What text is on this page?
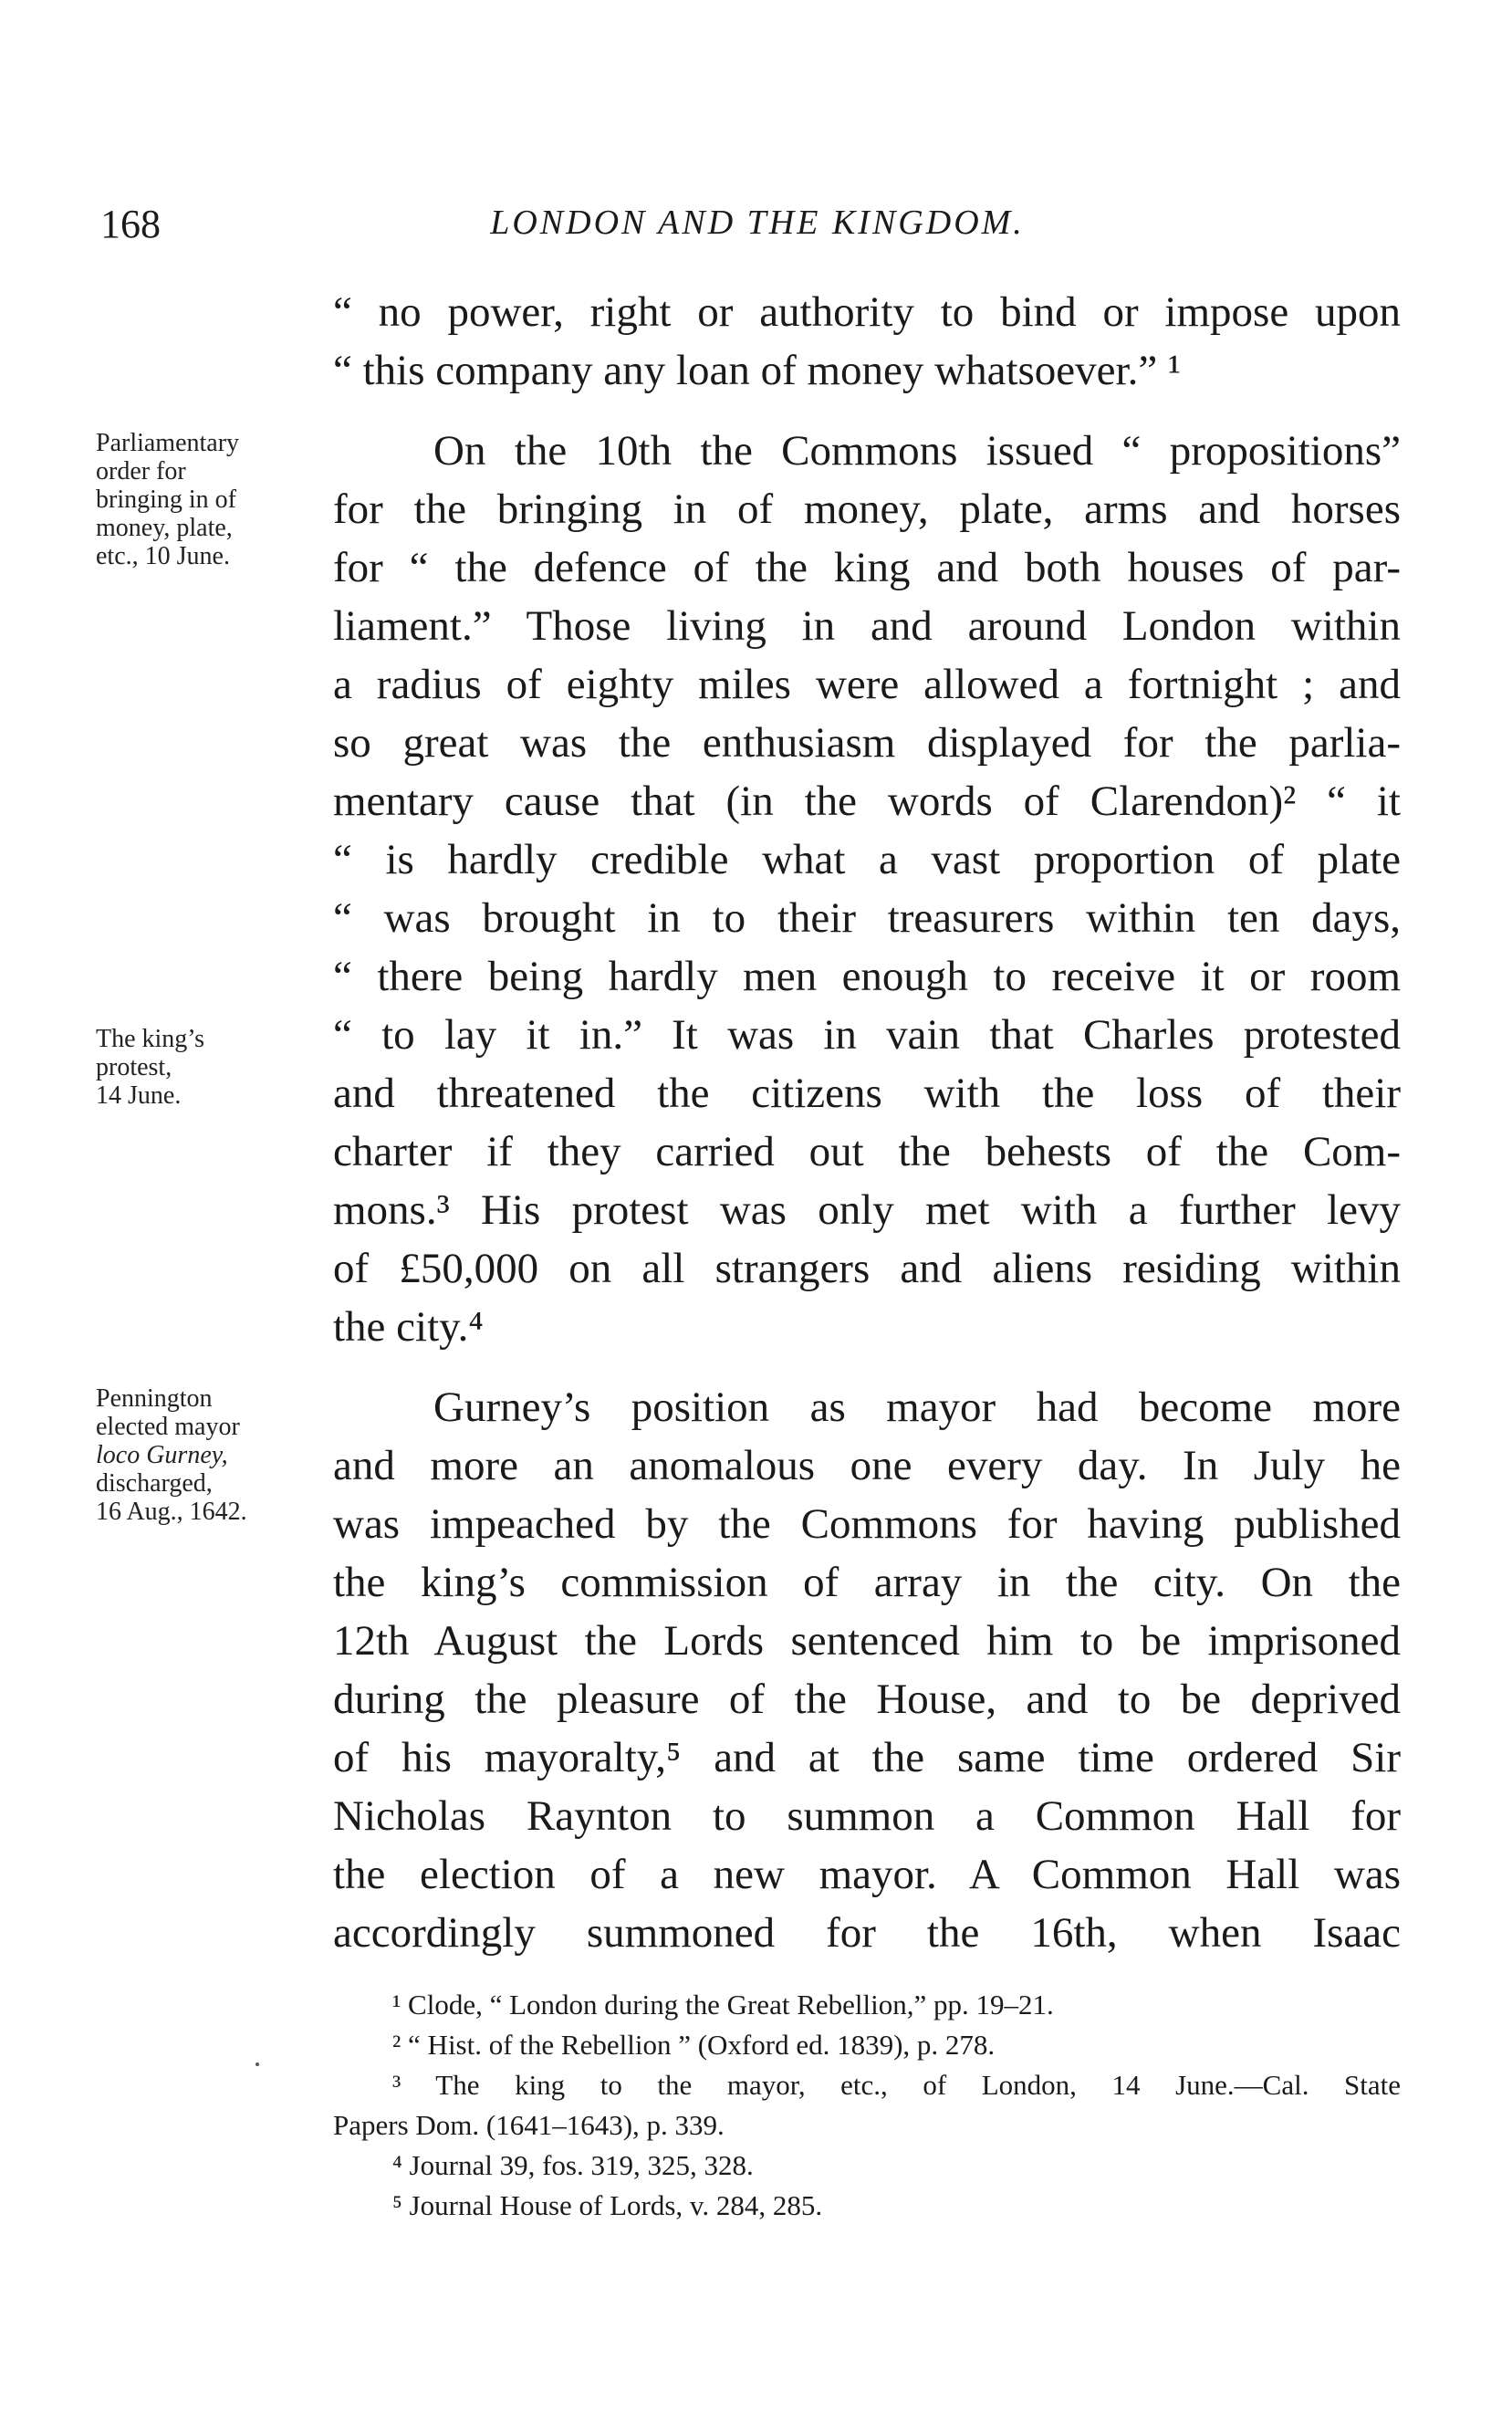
168	LONDON AND THE KINGDOM.
“ no power, right or authority to bind or impose upon
“ this company any loan of money whatsoever.” ¹
On the 10th the Commons issued “ propositions”
for the bringing in of money, plate, arms and horses
for “ the defence of the king and both houses of par-
liament.” Those living in and around London within
a radius of eighty miles were allowed a fortnight ; and
so great was the enthusiasm displayed for the parlia-
mentary cause that (in the words of Clarendon)² “ it
“ is hardly credible what a vast proportion of plate
“ was brought in to their treasurers within ten days,
“ there being hardly men enough to receive it or room
“ to lay it in.” It was in vain that Charles protested
and threatened the citizens with the loss of their
charter if they carried out the behests of the Com-
mons.³ His protest was only met with a further levy
of £50,000 on all strangers and aliens residing within
the city.⁴
Gurney’s position as mayor had become more
and more an anomalous one every day. In July he
was impeached by the Commons for having published
the king’s commission of array in the city. On the
12th August the Lords sentenced him to be imprisoned
during the pleasure of the House, and to be deprived
of his mayoralty,⁵ and at the same time ordered Sir
Nicholas Raynton to summon a Common Hall for
the election of a new mayor. A Common Hall was
accordingly summoned for the 16th, when Isaac
Parliamentary
order for
bringing in of
money, plate,
etc., 10 June.
The king’s
protest,
14 June.
Pennington
elected mayor
loco Gurney,
discharged,
16 Aug., 1642.
¹ Clode, “ London during the Great Rebellion,” pp. 19–21.
² “ Hist. of the Rebellion ” (Oxford ed. 1839), p. 278.
³ The king to the mayor, etc., of London, 14 June.—Cal. State
Papers Dom. (1641–1643), p. 339.
⁴ Journal 39, fos. 319, 325, 328.
⁵ Journal House of Lords, v. 284, 285.
